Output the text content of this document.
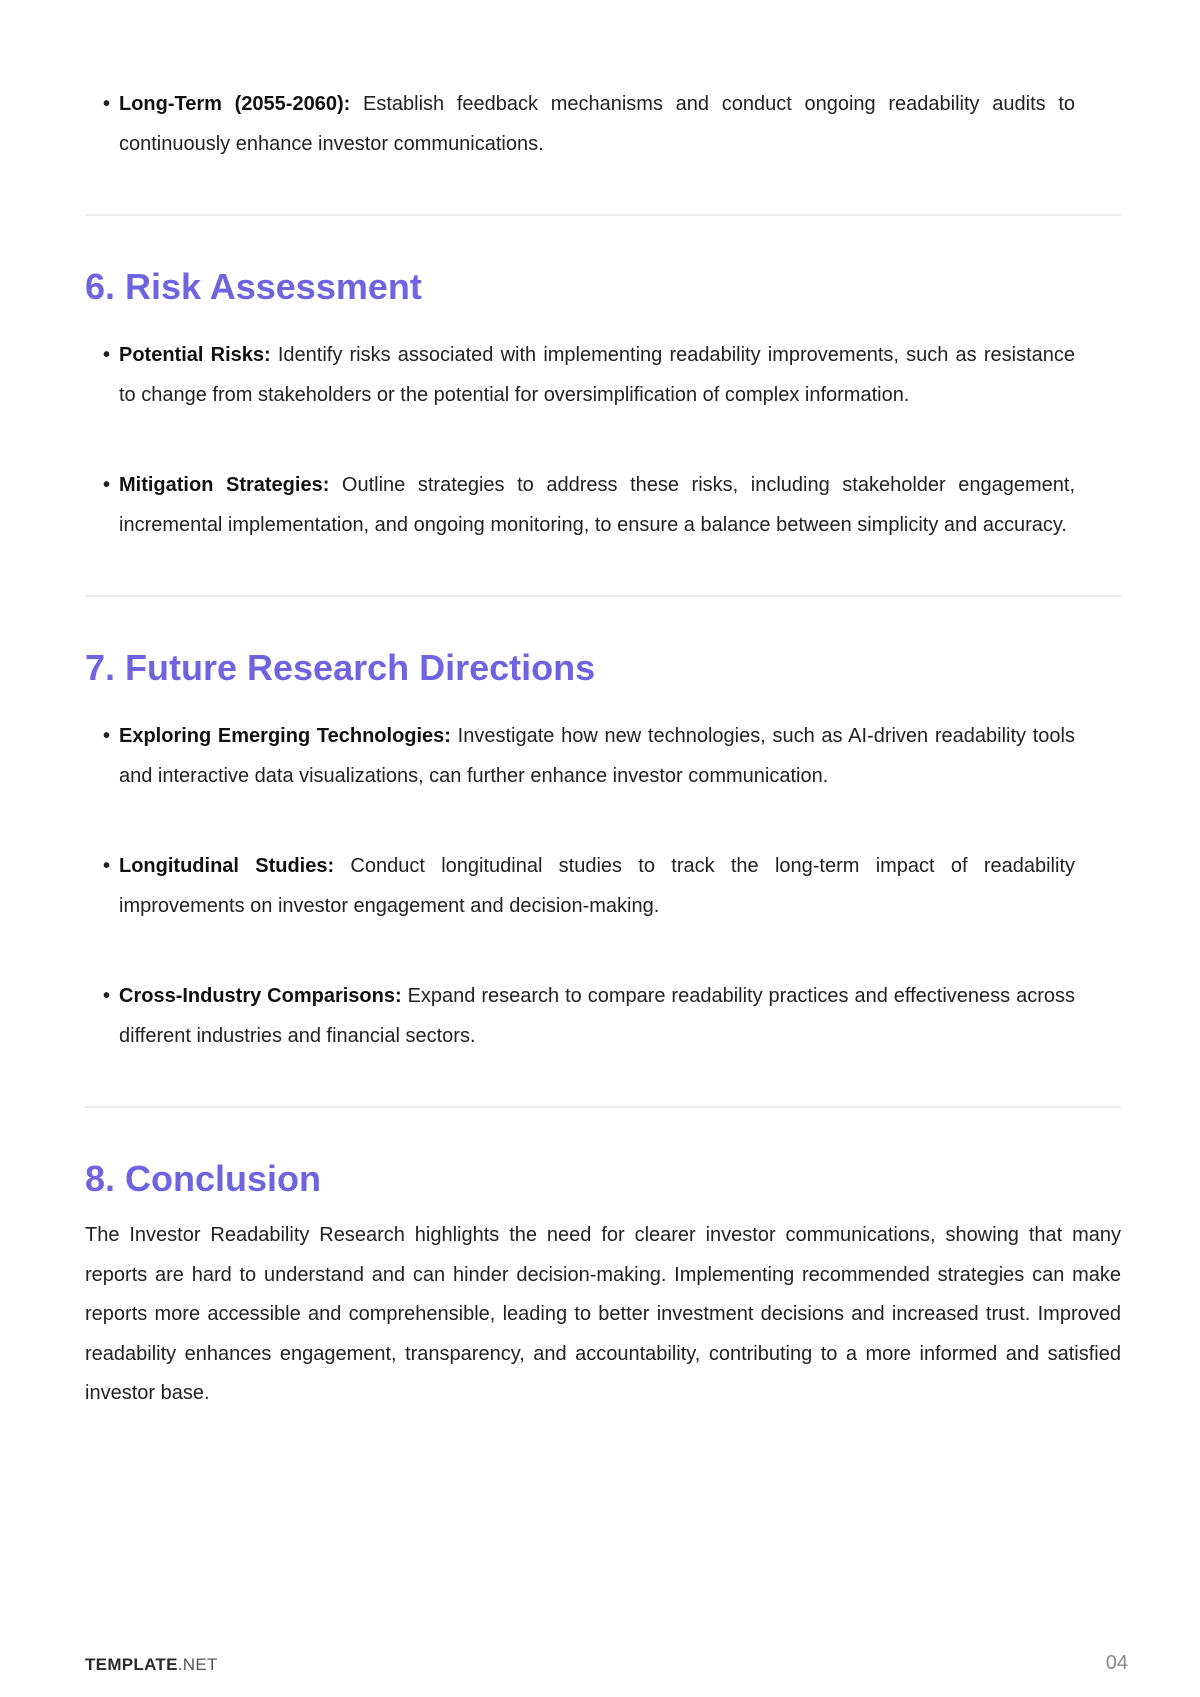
• Long-Term (2055-2060): Establish feedback mechanisms and conduct ongoing readability audits to continuously enhance investor communications.
6. Risk Assessment
• Potential Risks: Identify risks associated with implementing readability improvements, such as resistance to change from stakeholders or the potential for oversimplification of complex information.
• Mitigation Strategies: Outline strategies to address these risks, including stakeholder engagement, incremental implementation, and ongoing monitoring, to ensure a balance between simplicity and accuracy.
7. Future Research Directions
• Exploring Emerging Technologies: Investigate how new technologies, such as AI-driven readability tools and interactive data visualizations, can further enhance investor communication.
• Longitudinal Studies: Conduct longitudinal studies to track the long-term impact of readability improvements on investor engagement and decision-making.
• Cross-Industry Comparisons: Expand research to compare readability practices and effectiveness across different industries and financial sectors.
8. Conclusion

The Investor Readability Research highlights the need for clearer investor communications, showing that many reports are hard to understand and can hinder decision-making. Implementing recommended strategies can make reports more accessible and comprehensible, leading to better investment decisions and increased trust. Improved readability enhances engagement, transparency, and accountability, contributing to a more informed and satisfied investor base.

TEMPLATE.NET	04
